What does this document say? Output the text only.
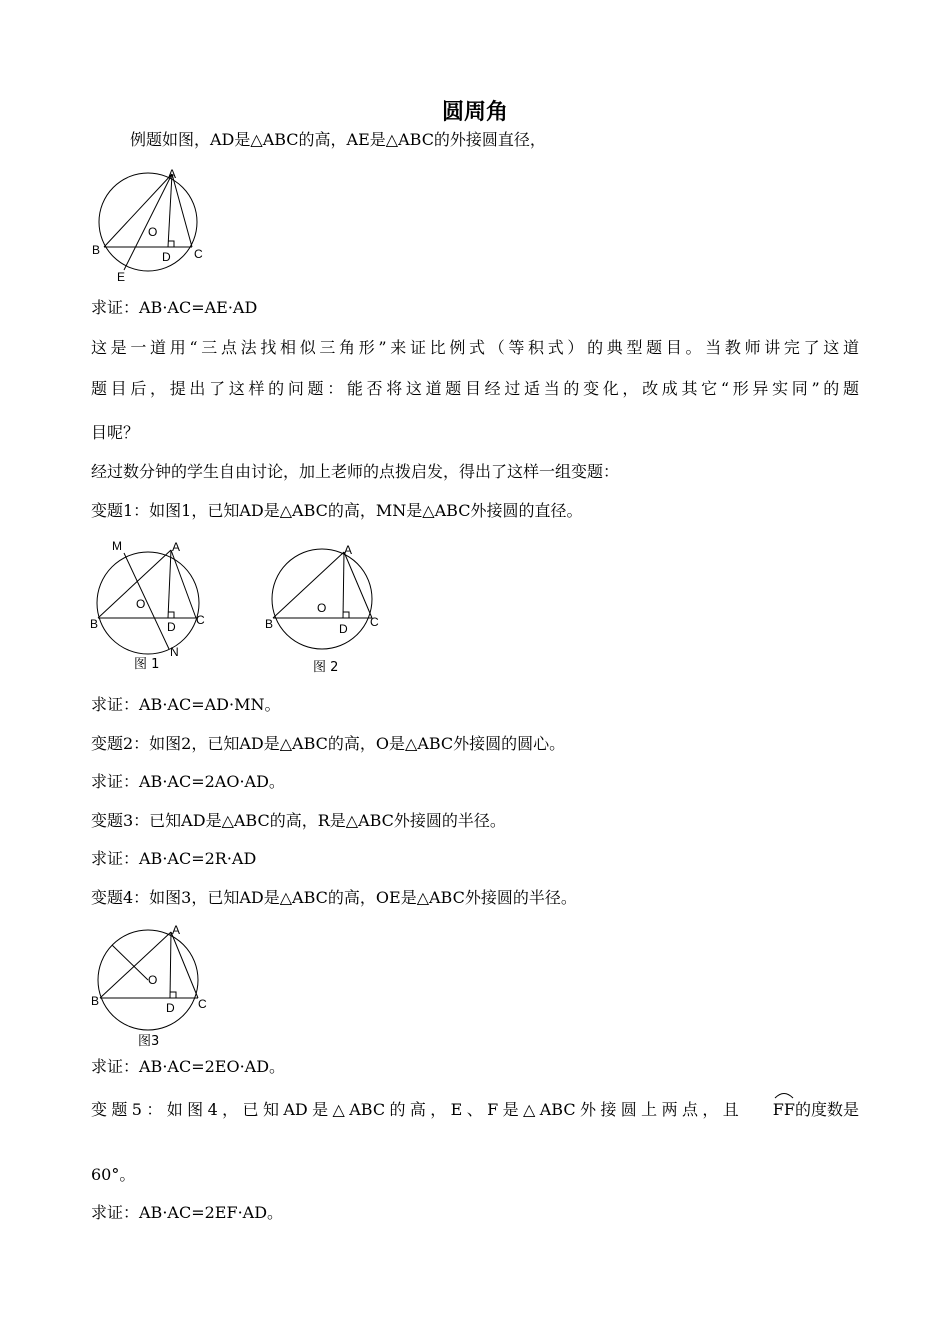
圆周角
例题如图，AD是△ABC的高，AE是△ABC的外接圆直径，
A
B	C
D
E
O
求证：AB·AC=AE·AD
这是一道用“三点法找相似三角形”来证比例式（等积式）的典型题目。当教师讲完了这道
题目后，提出了这样的问题：能否将这道题目经过适当的变化，改成其它“形异实同”的题
目呢？
经过数分钟的学生自由讨论，加上老师的点拨启发，得出了这样一组变题：
变题1：如图1，已知AD是△ABC的高，MN是△ABC外接圆的直径。
M	A
B	C
D
N
O
图 1
A
B	C
D
O
图 2
求证：AB·AC=AD·MN。
变题2：如图2，已知AD是△ABC的高，O是△ABC外接圆的圆心。
求证：AB·AC=2AO·AD。
变题3：已知AD是△ABC的高，R是△ABC外接圆的半径。
求证：AB·AC=2R·AD
变题4：如图3，已知AD是△ABC的高，OE是△ABC外接圆的半径。
A
B	C
D
O
图3
求证：AB·AC=2EO·AD。
变题5：如图4，已知AD是△ABC的高，E、F是△ABC外接圆上两点，且	FF 的度数是
60°。
求证：AB·AC=2EF·AD。
